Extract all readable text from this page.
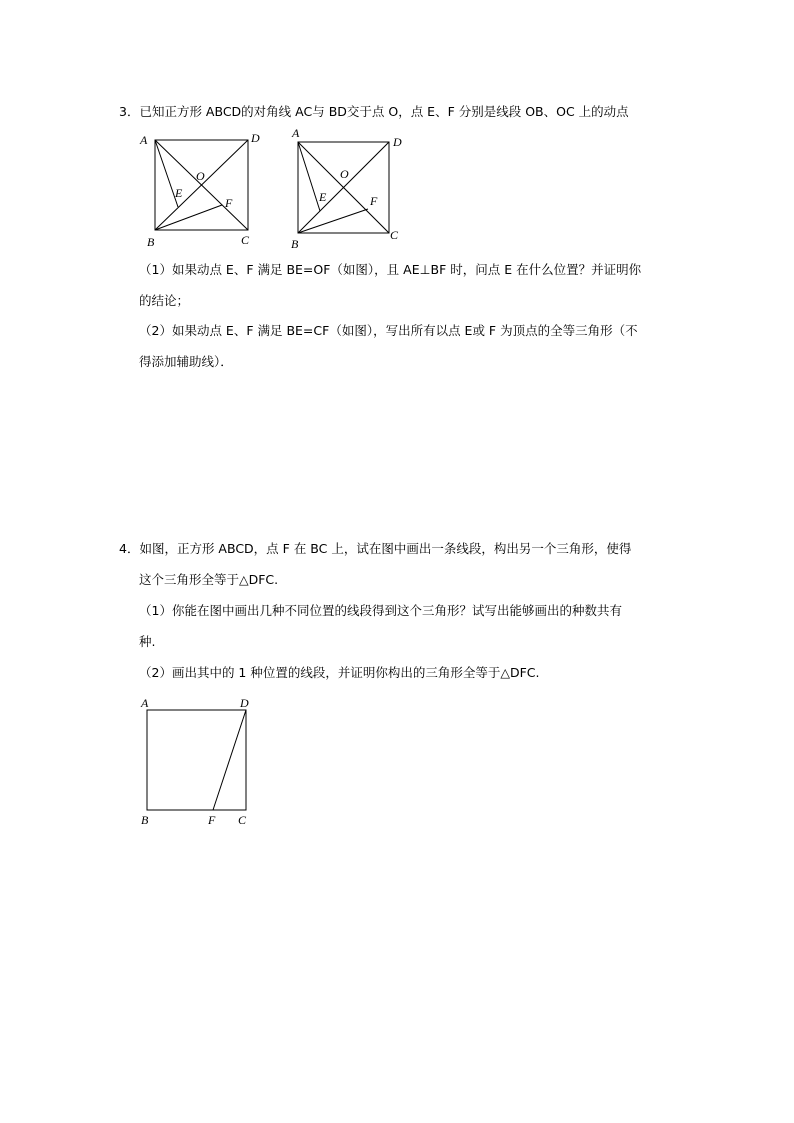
3．已知正方形 ABCD的对角线 AC与 BD交于点 O，点 E、F 分别是线段 OB、OC 上的动点
A	D
O
E
F
B	C
A
D
O
E	F
B
C
（1）如果动点 E、F 满足 BE=OF（如图），且 AE⊥BF 时，问点 E 在什么位置？并证明你
的结论；
（2）如果动点 E、F 满足 BE=CF（如图），写出所有以点 E或 F 为顶点的全等三角形（不
得添加辅助线）．
4．如图，正方形 ABCD，点 F 在 BC 上，试在图中画出一条线段，构出另一个三角形，使得
这个三角形全等于△DFC.
（1）你能在图中画出几种不同位置的线段得到这个三角形？试写出能够画出的种数共有
种.
（2）画出其中的 1 种位置的线段，并证明你构出的三角形全等于△DFC.
A	D
B	F C
